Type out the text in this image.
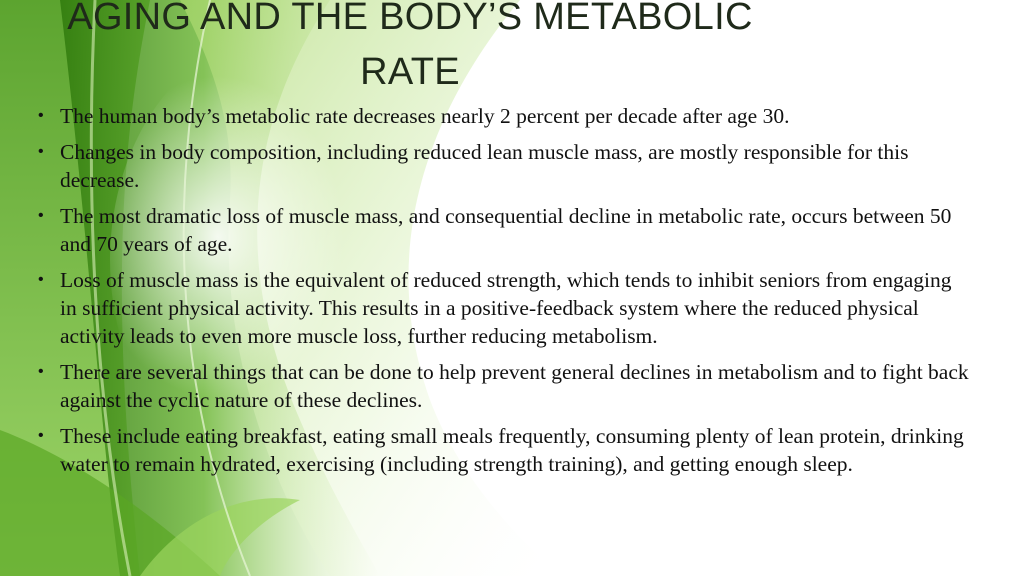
AGING AND THE BODY’S METABOLIC RATE
• The human body’s metabolic rate decreases nearly 2 percent per decade after age 30.
• Changes in body composition, including reduced lean muscle mass, are mostly responsible for this decrease.
• The most dramatic loss of muscle mass, and consequential decline in metabolic rate, occurs between 50 and 70 years of age.
• Loss of muscle mass is the equivalent of reduced strength, which tends to inhibit seniors from engaging in sufficient physical activity. This results in a positive-feedback system where the reduced physical activity leads to even more muscle loss, further reducing metabolism.
• There are several things that can be done to help prevent general declines in metabolism and to fight back against the cyclic nature of these declines.
• These include eating breakfast, eating small meals frequently, consuming plenty of lean protein, drinking water to remain hydrated, exercising (including strength training), and getting enough sleep.
